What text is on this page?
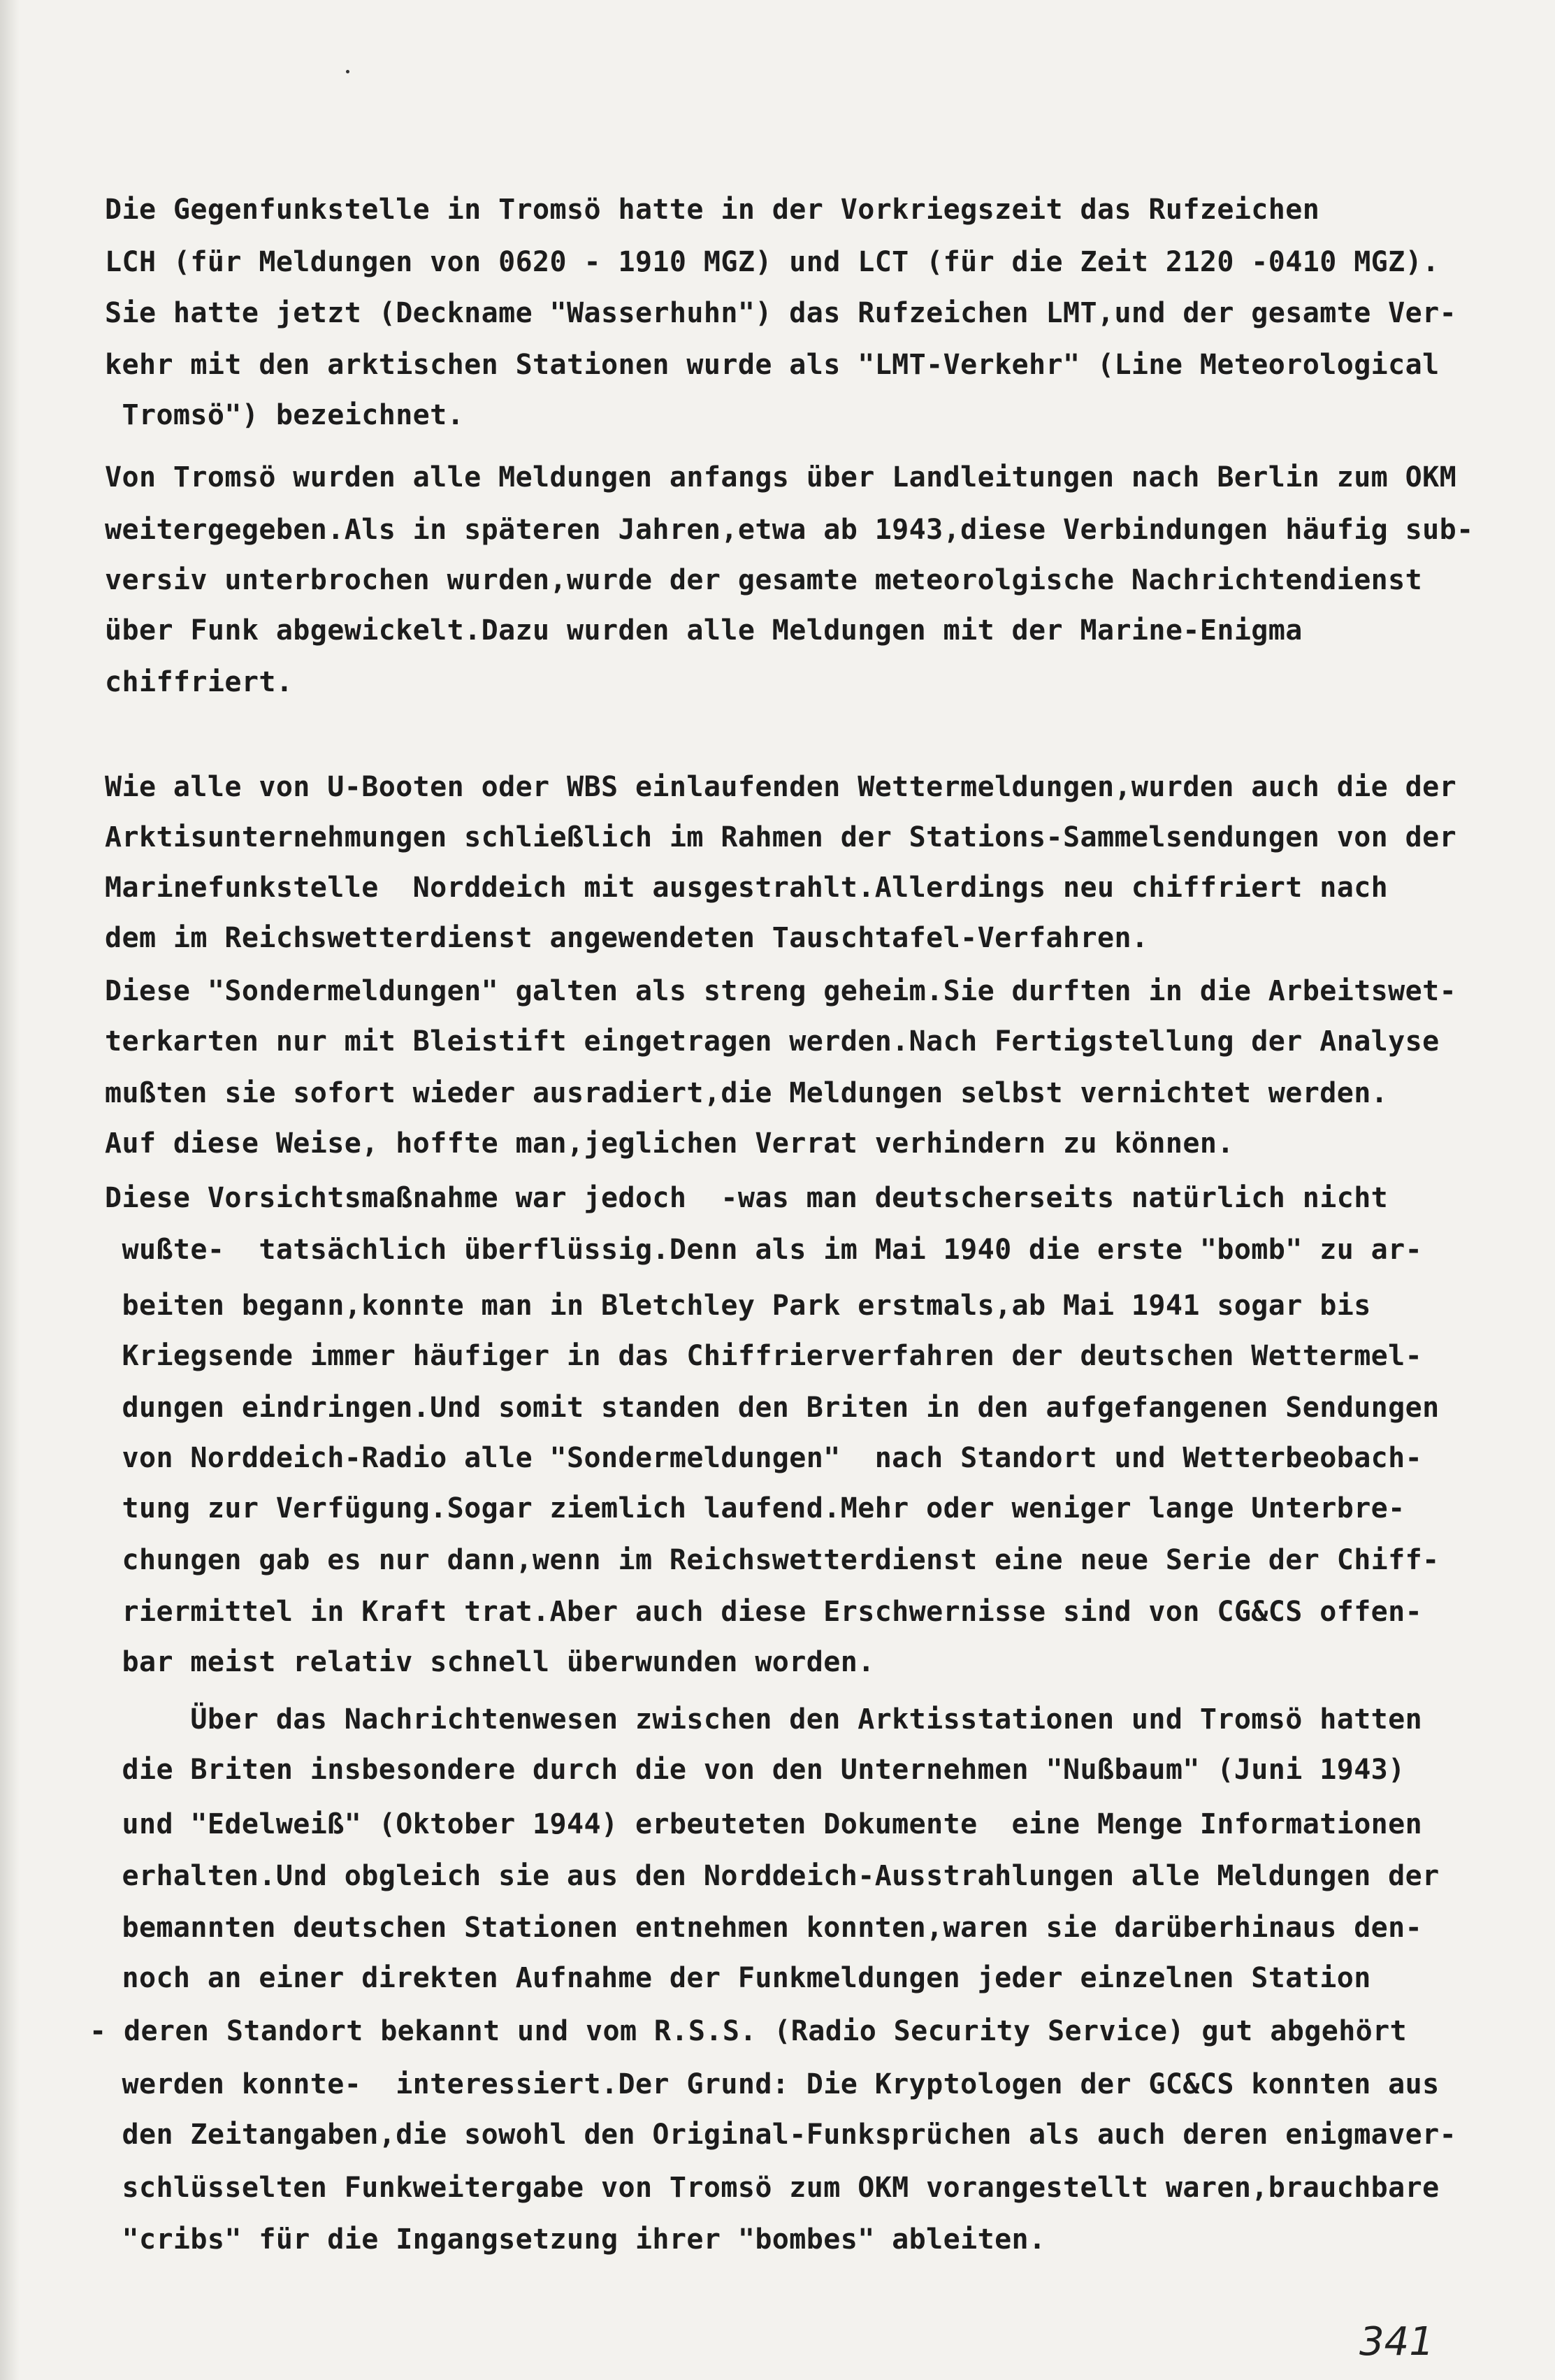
Die Gegenfunkstelle in Tromsö hatte in der Vorkriegszeit das Rufzeichen
LCH (für Meldungen von 0620 - 1910 MGZ) und LCT (für die Zeit 2120 -0410 MGZ).
Sie hatte jetzt (Deckname "Wasserhuhn") das Rufzeichen LMT,und der gesamte Ver-
kehr mit den arktischen Stationen wurde als "LMT-Verkehr" (Line Meteorological
Tromsö") bezeichnet.
Von Tromsö wurden alle Meldungen anfangs über Landleitungen nach Berlin zum OKM
weitergegeben.Als in späteren Jahren,etwa ab 1943,diese Verbindungen häufig sub-
versiv unterbrochen wurden,wurde der gesamte meteorolgische Nachrichtendienst
über Funk abgewickelt.Dazu wurden alle Meldungen mit der Marine-Enigma
chiffriert.
Wie alle von U-Booten oder WBS einlaufenden Wettermeldungen,wurden auch die der
Arktisunternehmungen schließlich im Rahmen der Stations-Sammelsendungen von der
Marinefunkstelle  Norddeich mit ausgestrahlt.Allerdings neu chiffriert nach
dem im Reichswetterdienst angewendeten Tauschtafel-Verfahren.
Diese "Sondermeldungen" galten als streng geheim.Sie durften in die Arbeitswet-
terkarten nur mit Bleistift eingetragen werden.Nach Fertigstellung der Analyse
mußten sie sofort wieder ausradiert,die Meldungen selbst vernichtet werden.
Auf diese Weise, hoffte man,jeglichen Verrat verhindern zu können.
Diese Vorsichtsmaßnahme war jedoch  -was man deutscherseits natürlich nicht
wußte-  tatsächlich überflüssig.Denn als im Mai 1940 die erste "bomb" zu ar-
beiten begann,konnte man in Bletchley Park erstmals,ab Mai 1941 sogar bis
Kriegsende immer häufiger in das Chiffrierverfahren der deutschen Wettermel-
dungen eindringen.Und somit standen den Briten in den aufgefangenen Sendungen
von Norddeich-Radio alle "Sondermeldungen"  nach Standort und Wetterbeobach-
tung zur Verfügung.Sogar ziemlich laufend.Mehr oder weniger lange Unterbre-
chungen gab es nur dann,wenn im Reichswetterdienst eine neue Serie der Chiff-
riermittel in Kraft trat.Aber auch diese Erschwernisse sind von CG&CS offen-
bar meist relativ schnell überwunden worden.
Über das Nachrichtenwesen zwischen den Arktisstationen und Tromsö hatten
die Briten insbesondere durch die von den Unternehmen "Nußbaum" (Juni 1943)
und "Edelweiß" (Oktober 1944) erbeuteten Dokumente  eine Menge Informationen
erhalten.Und obgleich sie aus den Norddeich-Ausstrahlungen alle Meldungen der
bemannten deutschen Stationen entnehmen konnten,waren sie darüberhinaus den-
noch an einer direkten Aufnahme der Funkmeldungen jeder einzelnen Station
- deren Standort bekannt und vom R.S.S. (Radio Security Service) gut abgehört
werden konnte-  interessiert.Der Grund: Die Kryptologen der GC&CS konnten aus
den Zeitangaben,die sowohl den Original-Funksprüchen als auch deren enigmaver-
schlüsselten Funkweitergabe von Tromsö zum OKM vorangestellt waren,brauchbare
"cribs" für die Ingangsetzung ihrer "bombes" ableiten.
341
